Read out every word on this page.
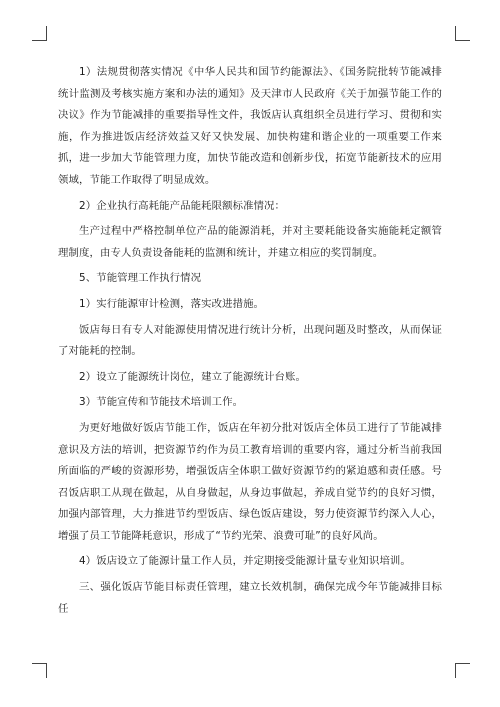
1）法规贯彻落实情况《中华人民共和国节约能源法》、《国务院批转节能减排统计监测及考核实施方案和办法的通知》及天津市人民政府《关于加强节能工作的决议》作为节能减排的重要指导性文件，我饭店认真组织全员进行学习、贯彻和实施，作为推进饭店经济效益又好又快发展、加快构建和谐企业的一项重要工作来抓，进一步加大节能管理力度，加快节能改造和创新步伐，拓宽节能新技术的应用领域，节能工作取得了明显成效。

2）企业执行高耗能产品能耗限额标准情况：

生产过程中严格控制单位产品的能源消耗，并对主要耗能设备实施能耗定额管理制度，由专人负责设备能耗的监测和统计，并建立相应的奖罚制度。

5、节能管理工作执行情况

1）实行能源审计检测，落实改进措施。

饭店每日有专人对能源使用情况进行统计分析，出现问题及时整改，从而保证了对能耗的控制。

2）设立了能源统计岗位，建立了能源统计台账。

3）节能宣传和节能技术培训工作。

为更好地做好饭店节能工作，饭店在年初分批对饭店全体员工进行了节能减排意识及方法的培训，把资源节约作为员工教育培训的重要内容，通过分析当前我国所面临的严峻的资源形势，增强饭店全体职工做好资源节约的紧迫感和责任感。号召饭店职工从现在做起，从自身做起，从身边事做起，养成自觉节约的良好习惯，加强内部管理，大力推进节约型饭店、绿色饭店建设，努力使资源节约深入人心，增强了员工节能降耗意识，形成了“节约光荣、浪费可耻”的良好风尚。

4）饭店设立了能源计量工作人员，并定期接受能源计量专业知识培训。

三、强化饭店节能目标责任管理，建立长效机制，确保完成今年节能减排目标任
